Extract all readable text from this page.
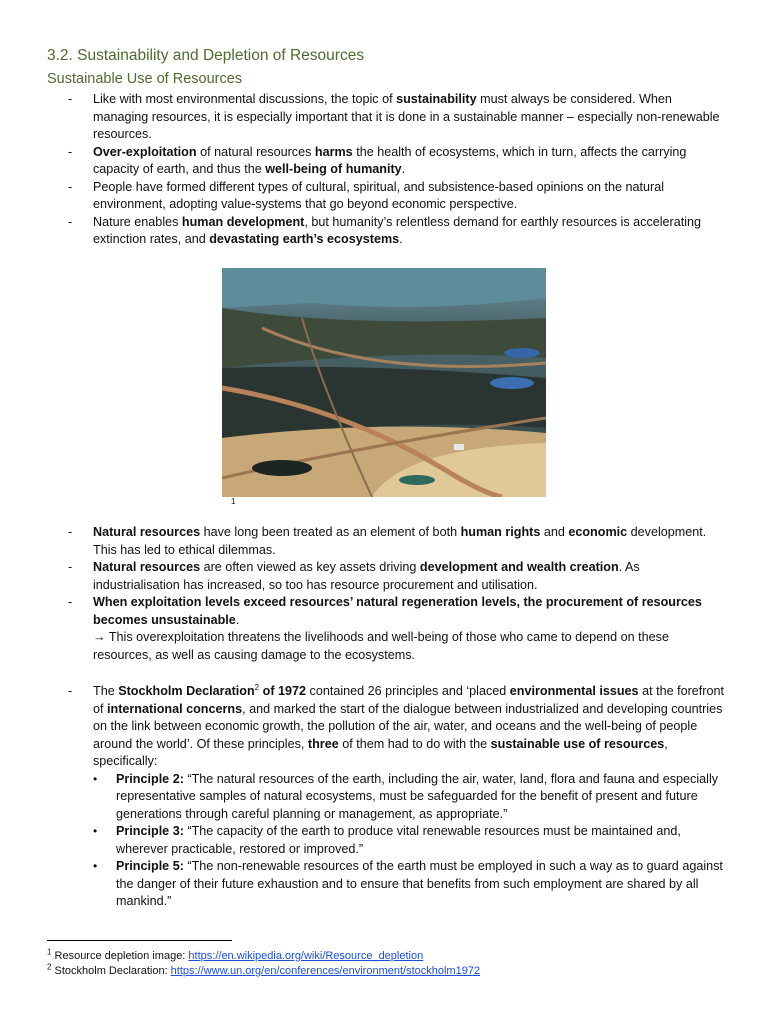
3.2. Sustainability and Depletion of Resources
Sustainable Use of Resources
- Like with most environmental discussions, the topic of sustainability must always be considered. When managing resources, it is especially important that it is done in a sustainable manner – especially non-renewable resources.
- Over-exploitation of natural resources harms the health of ecosystems, which in turn, affects the carrying capacity of earth, and thus the well-being of humanity.
- People have formed different types of cultural, spiritual, and subsistence-based opinions on the natural environment, adopting value-systems that go beyond economic perspective.
- Nature enables human development, but humanity’s relentless demand for earthly resources is accelerating extinction rates, and devastating earth’s ecosystems.
1
- Natural resources have long been treated as an element of both human rights and economic development. This has led to ethical dilemmas.
- Natural resources are often viewed as key assets driving development and wealth creation. As industrialisation has increased, so too has resource procurement and utilisation.
- When exploitation levels exceed resources’ natural regeneration levels, the procurement of resources becomes unsustainable.
→ This overexploitation threatens the livelihoods and well-being of those who came to depend on these resources, as well as causing damage to the ecosystems.
- The Stockholm Declaration$^2$ of 1972 contained 26 principles and ‘placed environmental issues at the forefront of international concerns, and marked the start of the dialogue between industrialized and developing countries on the link between economic growth, the pollution of the air, water, and oceans and the well-being of people around the world’. Of these principles, three of them had to do with the sustainable use of resources, specifically:
• Principle 2: “The natural resources of the earth, including the air, water, land, flora and fauna and especially representative samples of natural ecosystems, must be safeguarded for the benefit of present and future generations through careful planning or management, as appropriate.”
• Principle 3: “The capacity of the earth to produce vital renewable resources must be maintained and, wherever practicable, restored or improved.”
• Principle 5: “The non-renewable resources of the earth must be employed in such a way as to guard against the danger of their future exhaustion and to ensure that benefits from such employment are shared by all mankind.”
$^1$ Resource depletion image: https://en.wikipedia.org/wiki/Resource_depletion
$^2$ Stockholm Declaration: https://www.un.org/en/conferences/environment/stockholm1972
